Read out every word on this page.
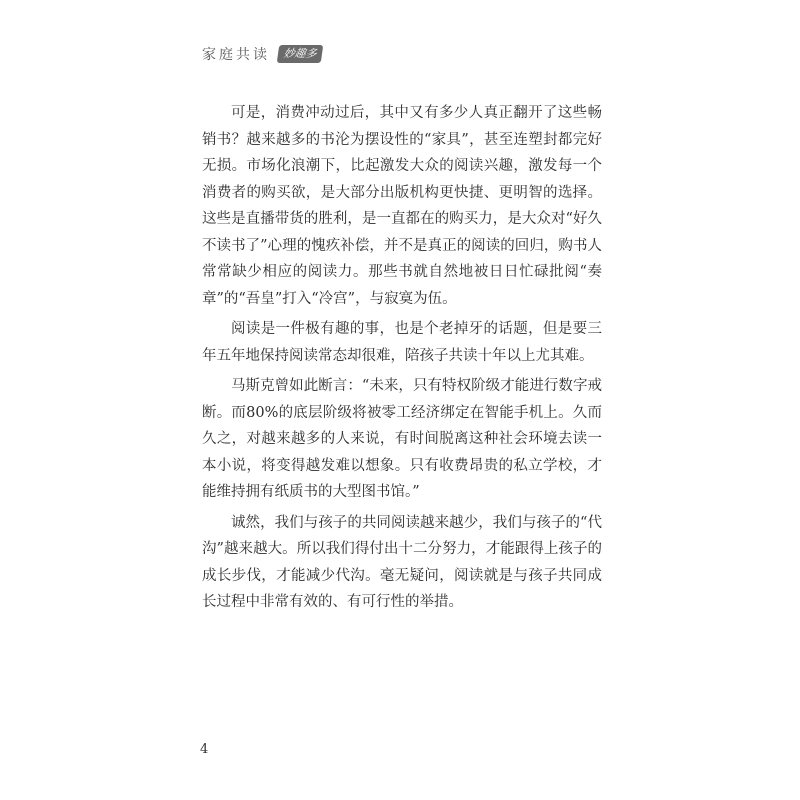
家庭共读	妙趣多

可是，消费冲动过后，其中又有多少人真正翻开了这些畅销书？越来越多的书沦为摆设性的“家具”，甚至连塑封都完好无损。市场化浪潮下，比起激发大众的阅读兴趣，激发每一个消费者的购买欲，是大部分出版机构更快捷、更明智的选择。这些是直播带货的胜利，是一直都在的购买力，是大众对“好久不读书了”心理的愧疚补偿，并不是真正的阅读的回归，购书人常常缺少相应的阅读力。那些书就自然地被日日忙碌批阅“奏章”的“吾皇”打入“冷宫”，与寂寞为伍。

阅读是一件极有趣的事，也是个老掉牙的话题，但是要三年五年地保持阅读常态却很难，陪孩子共读十年以上尤其难。

马斯克曾如此断言：“未来，只有特权阶级才能进行数字戒断。而80%的底层阶级将被零工经济绑定在智能手机上。久而久之，对越来越多的人来说，有时间脱离这种社会环境去读一本小说，将变得越发难以想象。只有收费昂贵的私立学校，才能维持拥有纸质书的大型图书馆。”

诚然，我们与孩子的共同阅读越来越少，我们与孩子的“代沟”越来越大。所以我们得付出十二分努力，才能跟得上孩子的成长步伐，才能减少代沟。毫无疑问，阅读就是与孩子共同成长过程中非常有效的、有可行性的举措。

4
